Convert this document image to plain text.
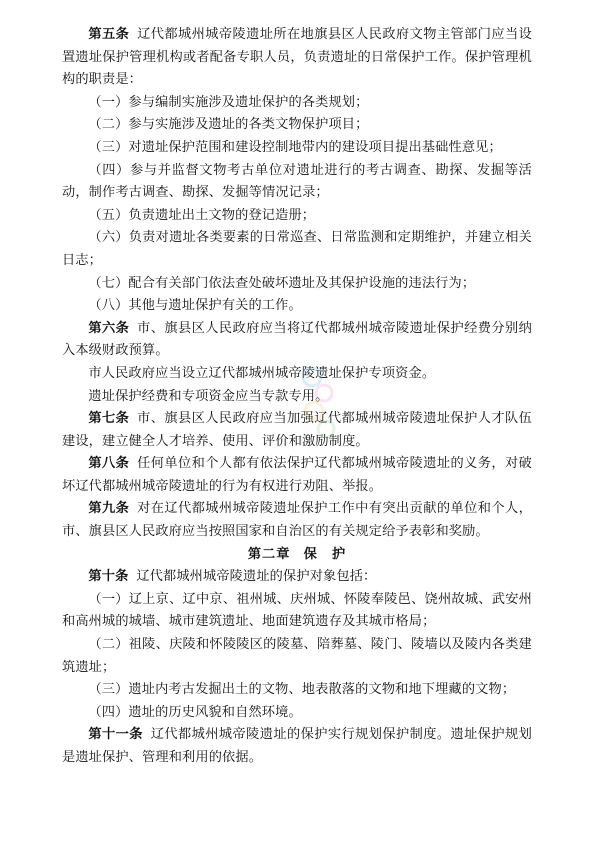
第五条 辽代都城州城帝陵遗址所在地旗县区人民政府文物主管部门应当设置遗址保护管理机构或者配备专职人员，负责遗址的日常保护工作。保护管理机构的职责是：

（一）参与编制实施涉及遗址保护的各类规划；

（二）参与实施涉及遗址的各类文物保护项目；

（三）对遗址保护范围和建设控制地带内的建设项目提出基础性意见；

（四）参与并监督文物考古单位对遗址进行的考古调查、勘探、发掘等活动，制作考古调查、勘探、发掘等情况记录；

（五）负责遗址出土文物的登记造册；

（六）负责对遗址各类要素的日常巡查、日常监测和定期维护，并建立相关日志；

（七）配合有关部门依法查处破坏遗址及其保护设施的违法行为；

（八）其他与遗址保护有关的工作。

第六条 市、旗县区人民政府应当将辽代都城州城帝陵遗址保护经费分别纳入本级财政预算。

市人民政府应当设立辽代都城州城帝陵遗址保护专项资金。

遗址保护经费和专项资金应当专款专用。

第七条 市、旗县区人民政府应当加强辽代都城州城帝陵遗址保护人才队伍建设，建立健全人才培养、使用、评价和激励制度。

第八条 任何单位和个人都有依法保护辽代都城州城帝陵遗址的义务，对破坏辽代都城州城帝陵遗址的行为有权进行劝阻、举报。

第九条 对在辽代都城州城帝陵遗址保护工作中有突出贡献的单位和个人，市、旗县区人民政府应当按照国家和自治区的有关规定给予表彰和奖励。

第二章 保　护

第十条 辽代都城州城帝陵遗址的保护对象包括：

（一）辽上京、辽中京、祖州城、庆州城、怀陵奉陵邑、饶州故城、武安州和高州城的城墙、城市建筑遗址、地面建筑遗存及其城市格局；

（二）祖陵、庆陵和怀陵陵区的陵墓、陪葬墓、陵门、陵墙以及陵内各类建筑遗址；

（三）遗址内考古发掘出土的文物、地表散落的文物和地下埋藏的文物；

（四）遗址的历史风貌和自然环境。

第十一条 辽代都城州城帝陵遗址的保护实行规划保护制度。遗址保护规划是遗址保护、管理和利用的依据。
